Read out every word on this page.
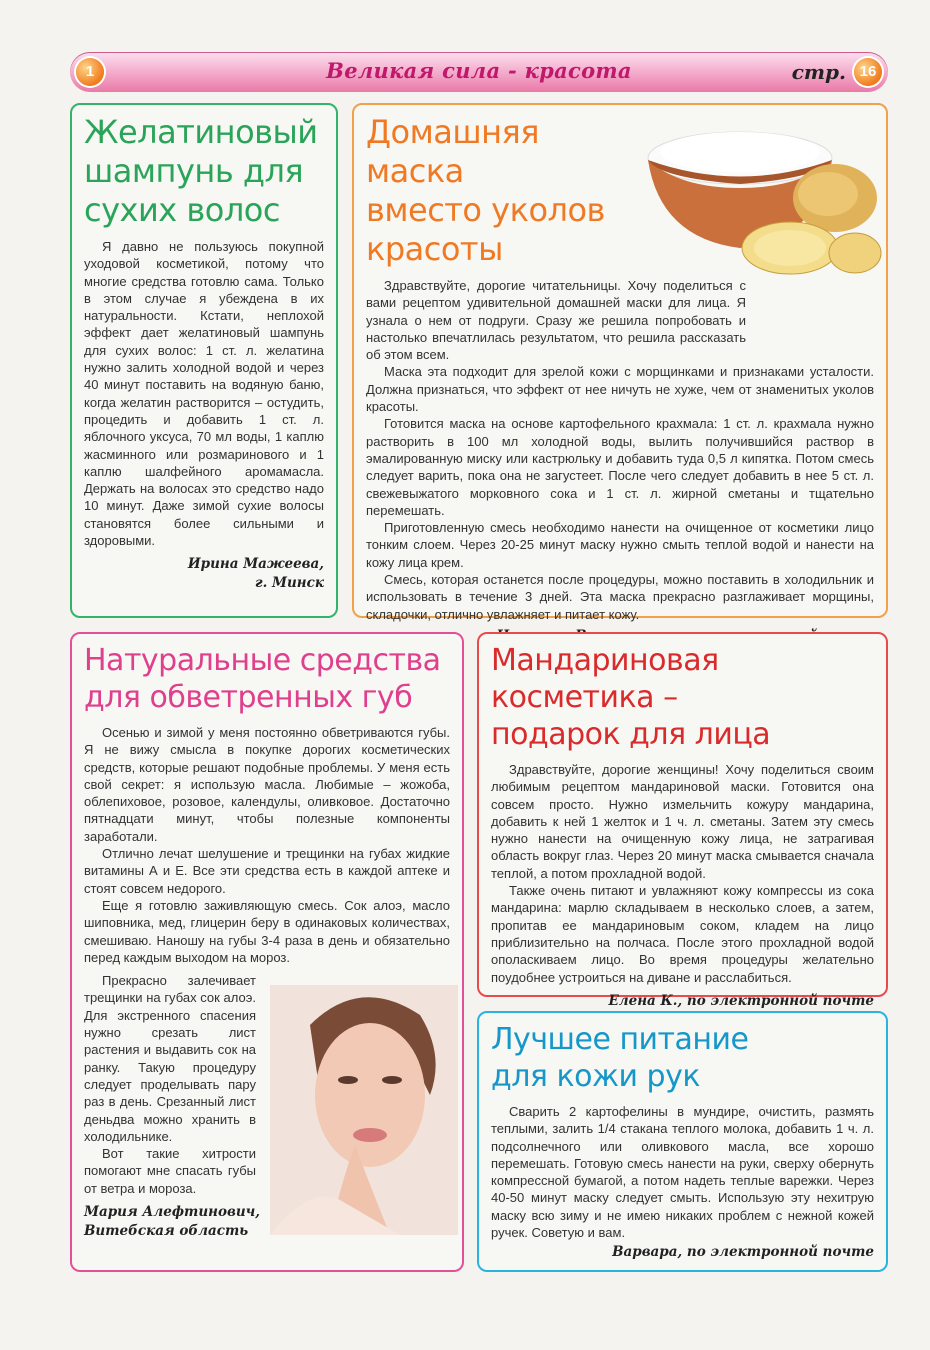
1	Великая сила - красота	стр. 16
Желатиновый
шампунь для
сухих волос

Я давно не пользуюсь покупной уходовой косметикой, потому что многие средства готовлю сама. Только в этом случае я убеждена в их натуральности. Кстати, неплохой эффект дает желатиновый шампунь для сухих волос: 1 ст. л. желатина нужно залить холодной водой и через 40 минут поставить на водяную баню, когда желатин растворится – остудить, процедить и добавить 1 ст. л. яблочного уксуса, 70 мл воды, 1 каплю жасминного или розмаринового и 1 каплю шалфейного аромамасла. Держать на волосах это средство надо 10 минут. Даже зимой сухие волосы становятся более сильными и здоровыми.

Ирина Мажеева,
г. Минск
Домашняя маска
вместо уколов
красоты

Здравствуйте, дорогие читательницы. Хочу поделиться с вами рецептом удивительной домашней маски для лица. Я узнала о нем от подруги. Сразу же решила попробовать и настолько впечатлилась результатом, что решила рассказать об этом всем.

Маска эта подходит для зрелой кожи с морщинками и признаками усталости. Должна признаться, что эффект от нее ничуть не хуже, чем от знаменитых уколов красоты.

Готовится маска на основе картофельного крахмала: 1 ст. л. крахмала нужно растворить в 100 мл холодной воды, вылить получившийся раствор в эмалированную миску или кастрюльку и добавить туда 0,5 л кипятка. Потом смесь следует варить, пока она не загустеет. После чего следует добавить в нее 5 ст. л. свежевыжатого морковного сока и 1 ст. л. жирной сметаны и тщательно перемешать.

Приготовленную смесь необходимо нанести на очищенное от косметики лицо тонким слоем. Через 20-25 минут маску нужно смыть теплой водой и нанести на кожу лица крем.

Смесь, которая останется после процедуры, можно поставить в холодильник и использовать в течение 3 дней. Эта маска прекрасно разглаживает морщины, складочки, отлично увлажняет и питает кожу.

Натуральные средства
для обветренных губ

Осенью и зимой у меня постоянно обветриваются губы. Я не вижу смысла в покупке дорогих косметических средств, которые решают подобные проблемы. У меня есть свой секрет: я использую масла. Любимые – жожоба, облепиховое, розовое, календулы, оливковое. Достаточно пятнадцати минут, чтобы полезные компоненты заработали.

Отлично лечат шелушение и трещинки на губах жидкие витамины А и Е. Все эти средства есть в каждой аптеке и стоят совсем недорого.

Еще я готовлю заживляющую смесь. Сок алоэ, масло шиповника, мед, глицерин беру в одинаковых количествах, смешиваю. Наношу на губы 3-4 раза в день и обязательно перед каждым выходом на мороз.

Прекрасно залечивает трещинки на губах сок алоэ. Для экстренного спасения нужно срезать лист растения и выдавить сок на ранку. Такую процедуру следует проделывать пару раз в день. Срезанный лист деньдва можно хранить в холодильнике.

Вот такие хитрости помогают мне спасать губы от ветра и мороза.

Мария Алефтинович,
Витебская область
Мандариновая косметика –
подарок для лица

Здравствуйте, дорогие женщины! Хочу поделиться своим любимым рецептом мандариновой маски. Готовится она совсем просто. Нужно измельчить кожуру мандарина, добавить к ней 1 желток и 1 ч. л. сметаны. Затем эту смесь нужно нанести на очищенную кожу лица, не затрагивая область вокруг глаз. Через 20 минут маска смывается сначала теплой, а потом прохладной водой.

Также очень питают и увлажняют кожу компрессы из сока мандарина: марлю складываем в несколько слоев, а затем, пропитав ее мандариновым соком, кладем на лицо приблизительно на полчаса. После этого прохладной водой ополаскиваем лицо. Во время процедуры желательно поудобнее устроиться на диване и расслабиться.

Елена К., по электронной почте
Лучшее питание
для кожи рук

Сварить 2 картофелины в мундире, очистить, размять теплыми, залить 1/4 стакана теплого молока, добавить 1 ч. л. подсолнечного или оливкового масла, все хорошо перемешать. Готовую смесь нанести на руки, сверху обернуть компрессной бумагой, а потом надеть теплые варежки. Через 40-50 минут маску следует смыть. Использую эту нехитрую маску всю зиму и не имею никаких проблем с нежной кожей ручек. Советую и вам.

Варвара, по электронной почте
